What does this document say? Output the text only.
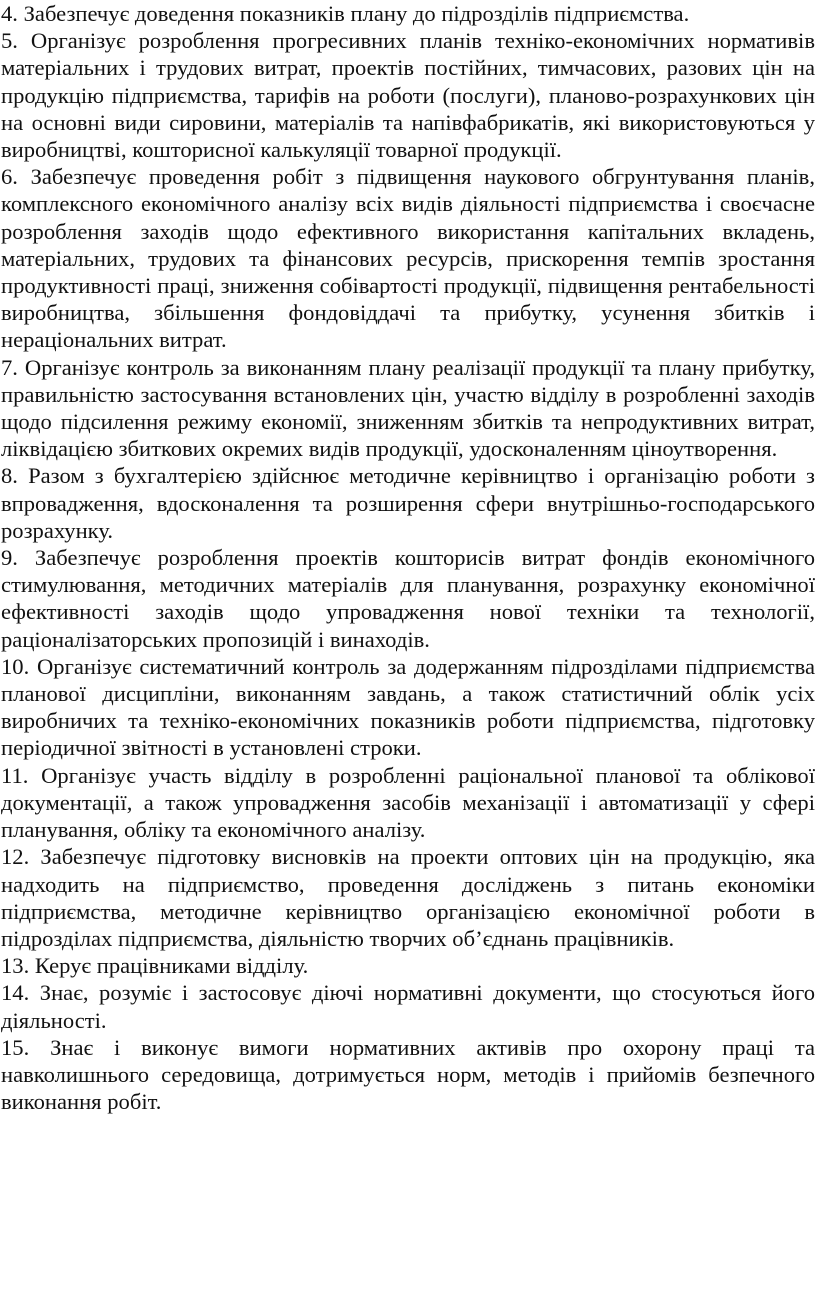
4. Забезпечує доведення показників плану до підрозділів підприємства.

5. Організує розроблення прогресивних планів техніко-економічних нормативів матеріальних і трудових витрат, проектів постійних, тимчасових, разових цін на продукцію підприємства, тарифів на роботи (послуги), планово-розрахункових цін на основні види сировини, матеріалів та напівфабрикатів, які використовуються у виробництві, кошторисної калькуляції товарної продукції.

6. Забезпечує проведення робіт з підвищення наукового обгрунтування планів, комплексного економічного аналізу всіх видів діяльності підприємства і своєчасне розроблення заходів щодо ефективного використання капітальних вкладень, матеріальних, трудових та фінансових ресурсів, прискорення темпів зростання продуктивності праці, зниження собівартості продукції, підвищення рентабельності виробництва, збільшення фондовіддачі та прибутку, усунення збитків і нераціональних витрат.

7. Організує контроль за виконанням плану реалізації продукції та плану прибутку, правильністю застосування встановлених цін, участю відділу в розробленні заходів щодо підсилення режиму економії, зниженням збитків та непродуктивних витрат, ліквідацією збиткових окремих видів продукції, удосконаленням ціноутворення.

8. Разом з бухгалтерією здійснює методичне керівництво і організацію роботи з впровадження, вдосконалення та розширення сфери внутрішньо-господарського розрахунку.

9. Забезпечує розроблення проектів кошторисів витрат фондів економічного стимулювання, методичних матеріалів для планування, розрахунку економічної ефективності заходів щодо упровадження нової техніки та технології, раціоналізаторських пропозицій і винаходів.

10. Організує систематичний контроль за додержанням підрозділами підприємства планової дисципліни, виконанням завдань, а також статистичний облік усіх виробничих та техніко-економічних показників роботи підприємства, підготовку періодичної звітності в установлені строки.

11. Організує участь відділу в розробленні раціональної планової та облікової документації, а також упровадження засобів механізації і автоматизації у сфері планування, обліку та економічного аналізу.

12. Забезпечує підготовку висновків на проекти оптових цін на продукцію, яка надходить на підприємство, проведення досліджень з питань економіки підприємства, методичне керівництво організацією економічної роботи в підрозділах підприємства, діяльністю творчих об’єднань працівників.

13. Керує працівниками відділу.

14. Знає, розуміє і застосовує діючі нормативні документи, що стосуються його діяльності.

15. Знає і виконує вимоги нормативних активів про охорону праці та навколишнього середовища, дотримується норм, методів і прийомів безпечного виконання робіт.
